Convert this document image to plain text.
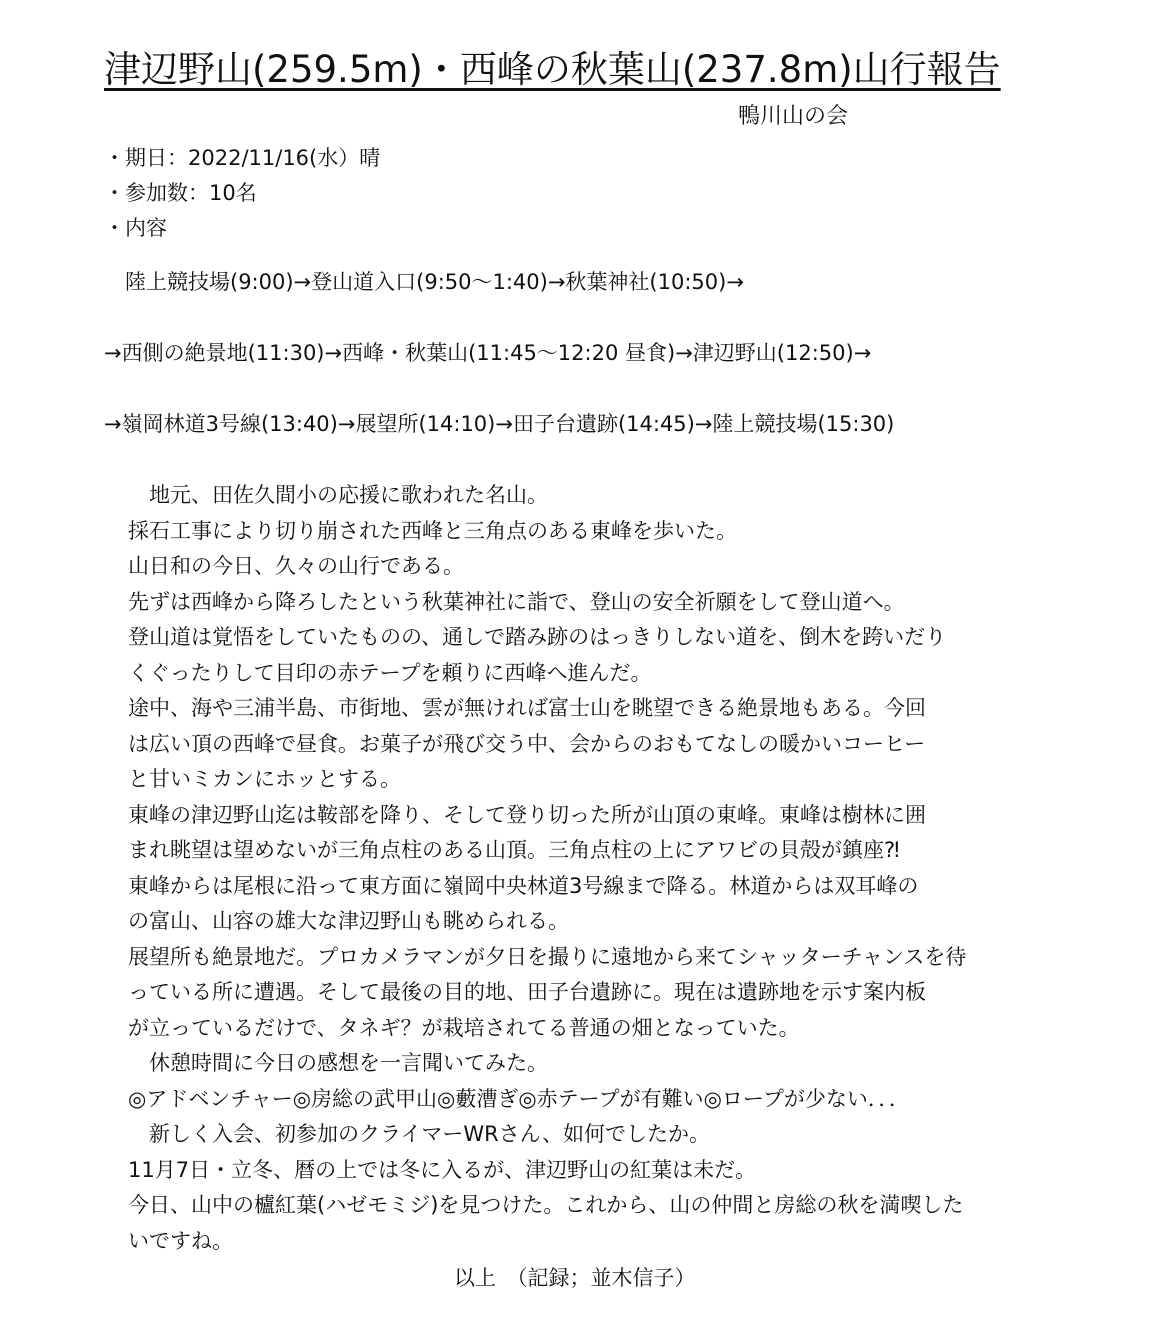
津辺野山(259.5m)・西峰の秋葉山(237.8m)山行報告
鴨川山の会
・期日：2022/11/16(水）晴
・参加数：10名
・内容
陸上競技場(9:00)→登山道入口(9:50～1:40)→秋葉神社(10:50)→
→西側の絶景地(11:30)→西峰・秋葉山(11:45～12:20 昼食)→津辺野山(12:50)→
→嶺岡林道3号線(13:40)→展望所(14:10)→田子台遺跡(14:45)→陸上競技場(15:30)
　地元、田佐久間小の応援に歌われた名山。
採石工事により切り崩された西峰と三角点のある東峰を歩いた。
山日和の今日、久々の山行である。
先ずは西峰から降ろしたという秋葉神社に詣で、登山の安全祈願をして登山道へ。
登山道は覚悟をしていたものの、通しで踏み跡のはっきりしない道を、倒木を跨いだり
くぐったりして目印の赤テープを頼りに西峰へ進んだ。
途中、海や三浦半島、市街地、雲が無ければ富士山を眺望できる絶景地もある。今回
は広い頂の西峰で昼食。お菓子が飛び交う中、会からのおもてなしの暖かいコーヒー
と甘いミカンにホッとする。
東峰の津辺野山迄は鞍部を降り、そして登り切った所が山頂の東峰。東峰は樹林に囲
まれ眺望は望めないが三角点柱のある山頂。三角点柱の上にアワビの貝殻が鎮座⁈
東峰からは尾根に沿って東方面に嶺岡中央林道3号線まで降る。林道からは双耳峰の
の富山、山容の雄大な津辺野山も眺められる。
展望所も絶景地だ。プロカメラマンが夕日を撮りに遠地から来てシャッターチャンスを待
っている所に遭遇。そして最後の目的地、田子台遺跡に。現在は遺跡地を示す案内板
が立っているだけで、タネギ？が栽培されてる普通の畑となっていた。
　休憩時間に今日の感想を一言聞いてみた。
◎アドベンチャー◎房総の武甲山◎藪漕ぎ◎赤テープが有難い◎ロープが少ない．．．
　新しく入会、初参加のクライマーWRさん、如何でしたか。
11月7日・立冬、暦の上では冬に入るが、津辺野山の紅葉は未だ。
今日、山中の櫨紅葉(ハゼモミジ)を見つけた。これから、山の仲間と房総の秋を満喫した
いですね。
以上　（記録；並木信子）
